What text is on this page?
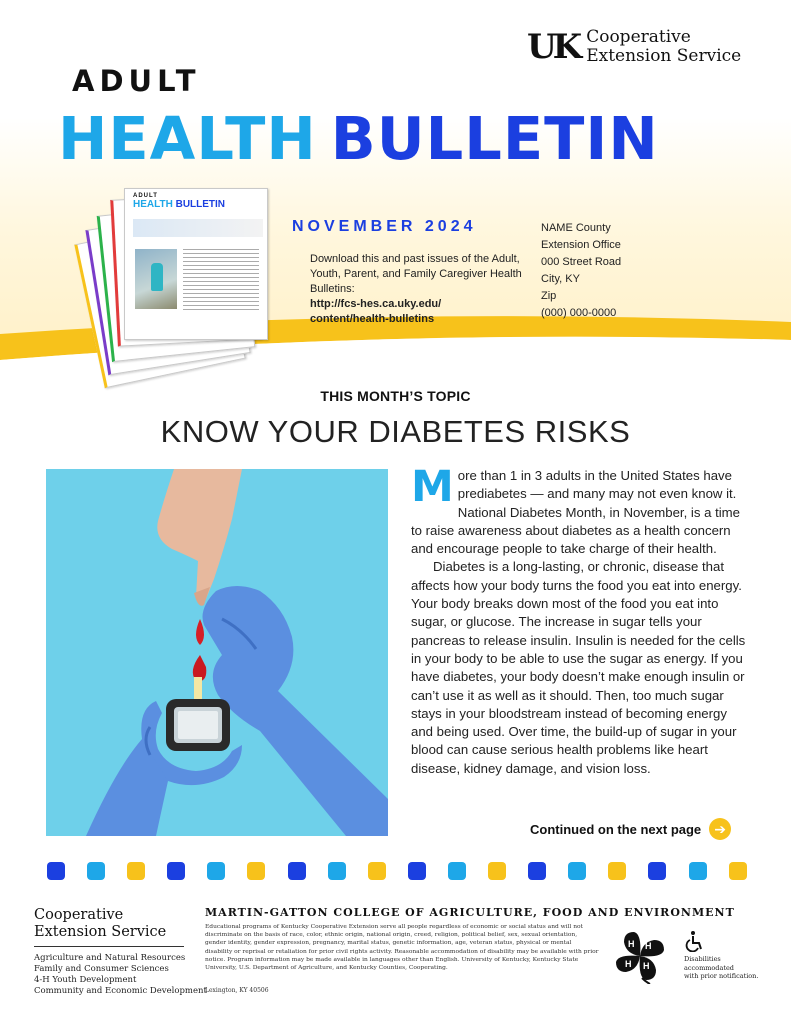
UK Cooperative
Extension Service
ADULT
HEALTH BULLETIN
ADULT
HEALTH BULLETIN
NOVEMBER 2024
Download this and past issues of the Adult, Youth, Parent, and Family Caregiver Health Bulletins:
http://fcs-hes.ca.uky.edu/
content/health-bulletins
NAME County
Extension Office
000 Street Road
City, KY
Zip
(000) 000-0000
THIS MONTH’S TOPIC
KNOW YOUR DIABETES RISKS

More than 1 in 3 adults in the United States have prediabetes — and many may not even know it. National Diabetes Month, in November, is a time to raise awareness about diabetes as a health concern and encourage people to take charge of their health.

Diabetes is a long-lasting, or chronic, disease that affects how your body turns the food you eat into energy. Your body breaks down most of the food you eat into sugar, or glucose. The increase in sugar tells your pancreas to release insulin. Insulin is needed for the cells in your body to be able to use the sugar as energy. If you have diabetes, your body doesn’t make enough insulin or can’t use it as well as it should. Then, too much sugar stays in your bloodstream instead of becoming energy and being used. Over time, the build-up of sugar in your blood can cause serious health problems like heart disease, kidney damage, and vision loss.

Continued on the next page ➔
Cooperative
Extension Service
Agriculture and Natural Resources
Family and Consumer Sciences
4-H Youth Development
Community and Economic Development
MARTIN-GATTON COLLEGE OF AGRICULTURE, FOOD AND ENVIRONMENT
Educational programs of Kentucky Cooperative Extension serve all people regardless of economic or social status and will not discriminate on the basis of race, color, ethnic origin, national origin, creed, religion, political belief, sex, sexual orientation, gender identity, gender expression, pregnancy, marital status, genetic information, age, veteran status, physical or mental disability or reprisal or retaliation for prior civil rights activity. Reasonable accommodation of disability may be available with prior notice. Program information may be made available in languages other than English. University of Kentucky, Kentucky State University, U.S. Department of Agriculture, and Kentucky Counties, Cooperating.
Lexington, KY 40506
H H
H
H	Disabilities
accommodated
with prior notification.
